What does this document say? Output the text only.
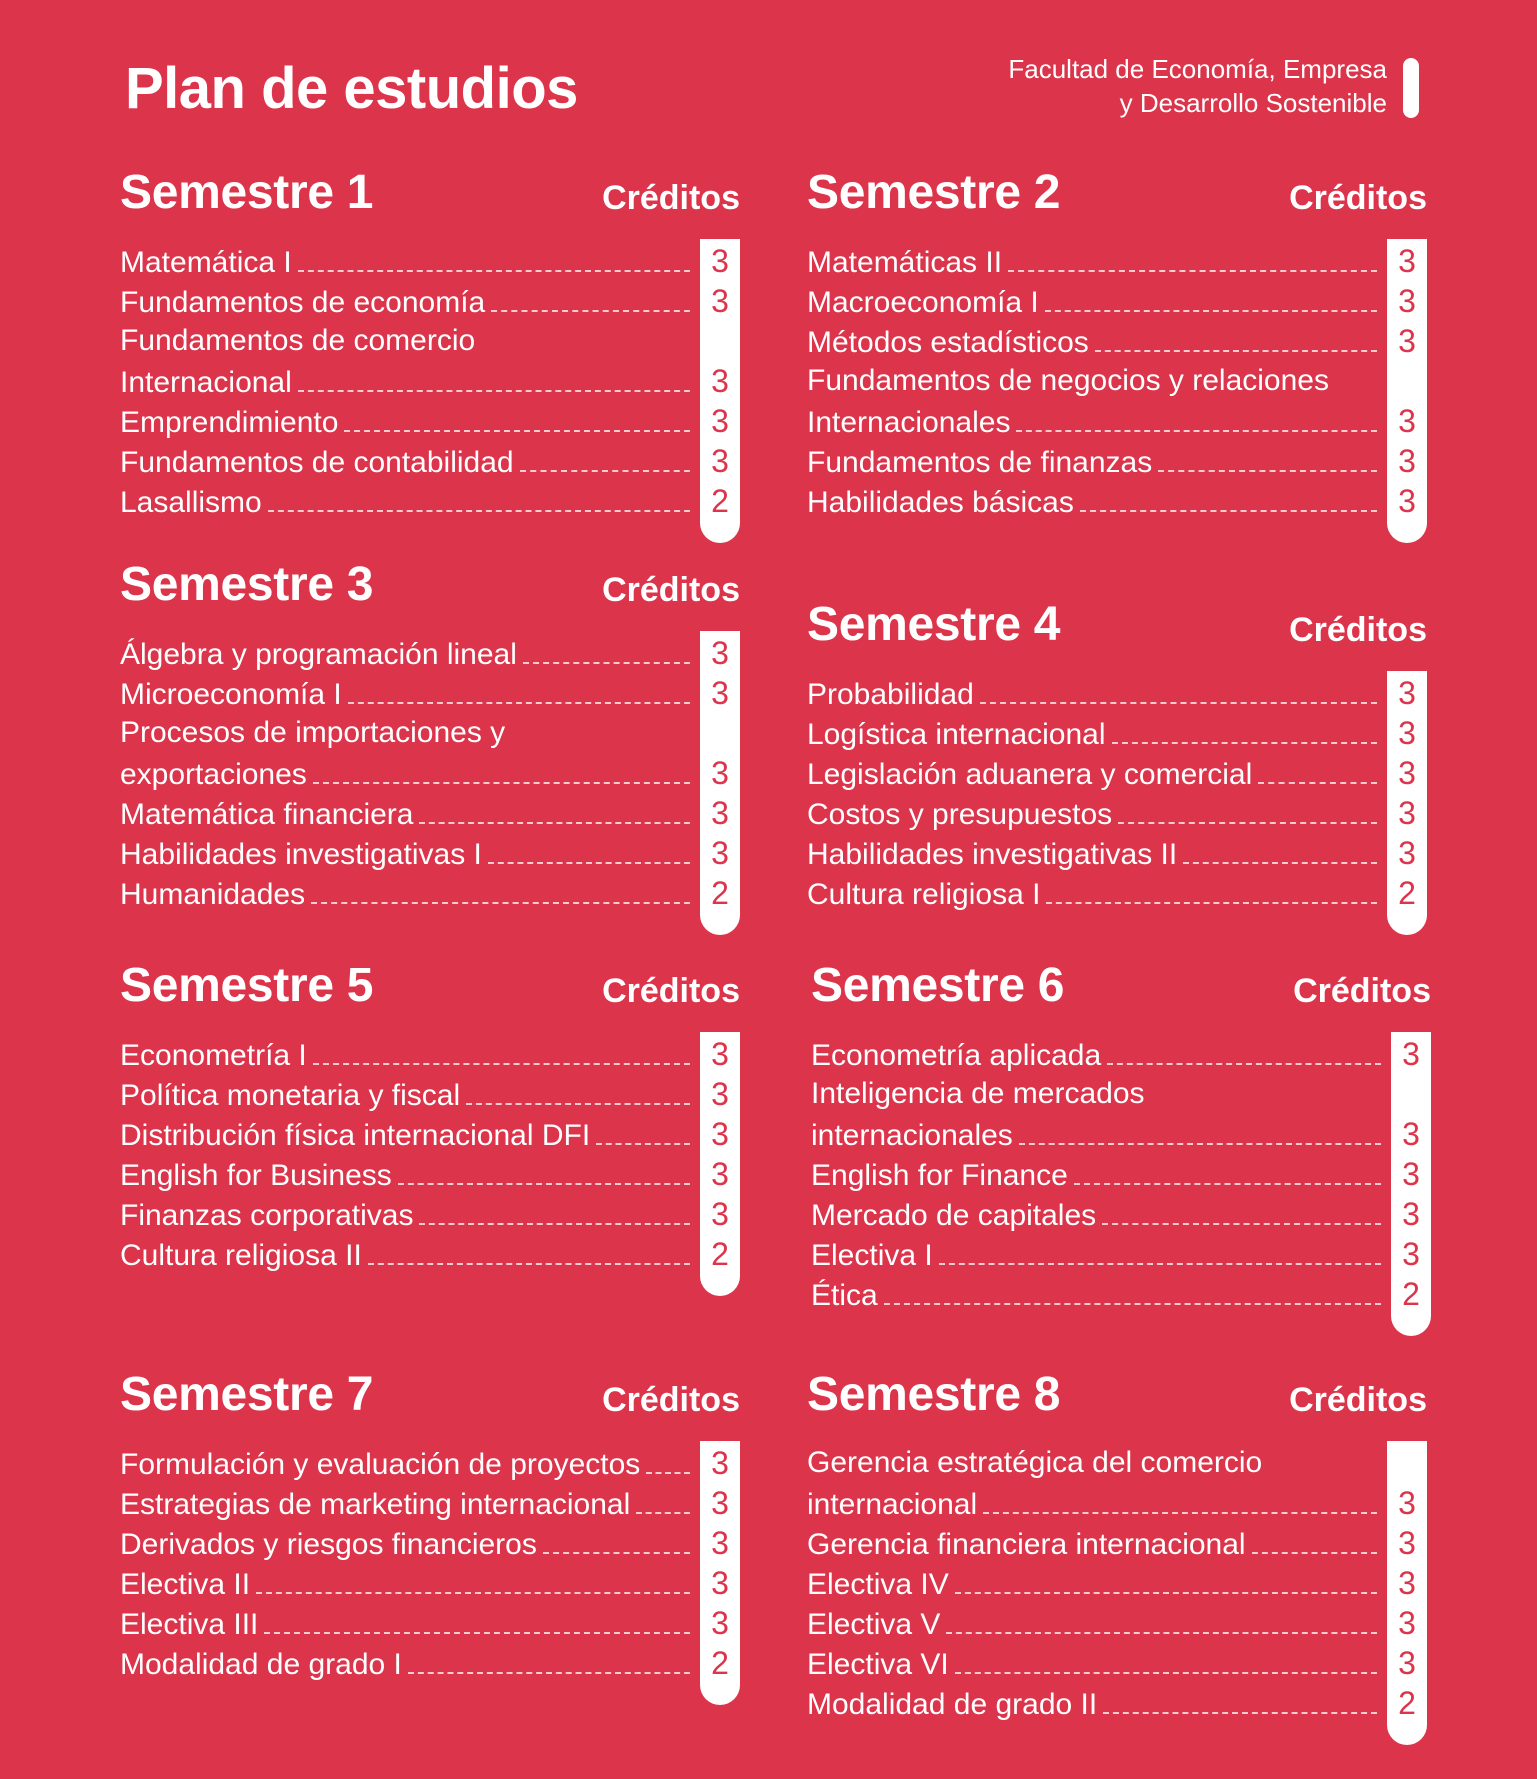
Plan de estudios	Facultad de Economía, Empresa
y Desarrollo Sostenible
Semestre 1	Créditos
Matemática I	3
Fundamentos de economía	3
Fundamentos de comercio
Internacional	3
Emprendimiento	3
Fundamentos de contabilidad	3
Lasallismo	2
Semestre 2	Créditos
Matemáticas II	3
Macroeconomía I	3
Métodos estadísticos	3
Fundamentos de negocios y relaciones
Internacionales	3
Fundamentos de finanzas	3
Habilidades básicas	3
Semestre 3	Créditos
Álgebra y programación lineal	3
Microeconomía I	3
Procesos de importaciones y
exportaciones	3
Matemática financiera	3
Habilidades investigativas I	3
Humanidades	2
Semestre 4	Créditos
Probabilidad	3
Logística internacional	3
Legislación aduanera y comercial	3
Costos y presupuestos	3
Habilidades investigativas II	3
Cultura religiosa I	2
Semestre 5	Créditos
Econometría I	3
Política monetaria y fiscal	3
Distribución física internacional DFI	3
English for Business	3
Finanzas corporativas	3
Cultura religiosa II	2
Semestre 6	Créditos
Econometría aplicada	3
Inteligencia de mercados
internacionales	3
English for Finance	3
Mercado de capitales	3
Electiva I	3
Ética	2
Semestre 7	Créditos
Formulación y evaluación de proyectos	3
Estrategias de marketing internacional	3
Derivados y riesgos financieros	3
Electiva II	3
Electiva III	3
Modalidad de grado I	2
Semestre 8	Créditos
Gerencia estratégica del comercio
internacional	3
Gerencia financiera internacional	3
Electiva IV	3
Electiva V	3
Electiva VI	3
Modalidad de grado II	2
